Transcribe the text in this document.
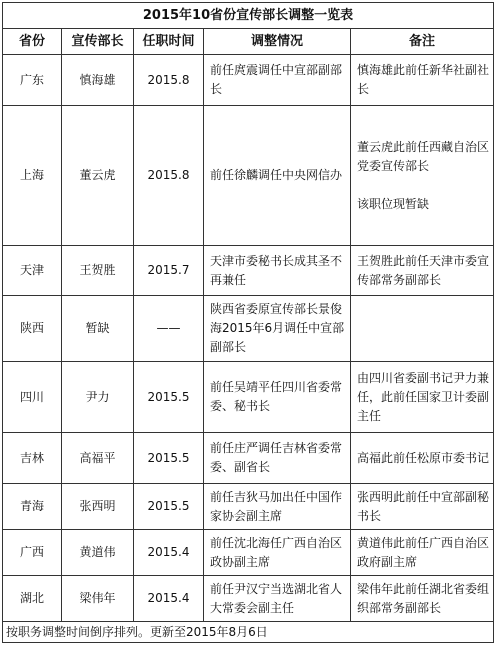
2015年10省份宣传部长调整一览表				
省份	宣传部长	任职时间	调整情况	备注
广东	慎海雄	2015.8	前任庹震调任中宣部副部长	慎海雄此前任新华社副社长
上海	董云虎	2015.8	前任徐麟调任中央网信办	董云虎此前任西藏自治区党委宣传部长
该职位现暂缺

天津	王贺胜	2015.7	天津市委秘书长成其圣不再兼任	王贺胜此前任天津市委宣传部常务副部长
陕西	暂缺	——	陕西省委原宣传部长景俊海2015年6月调任中宣部副部长	
四川	尹力	2015.5	前任吴靖平任四川省委常委、秘书长	由四川省委副书记尹力兼任，此前任国家卫计委副主任
吉林	高福平	2015.5	前任庄严调任吉林省委常委、副省长	高福此前任松原市委书记
青海	张西明	2015.5	前任吉狄马加出任中国作家协会副主席	张西明此前任中宣部副秘书长
广西	黄道伟	2015.4	前任沈北海任广西自治区政协副主席	黄道伟此前任广西自治区政府副主席
湖北	梁伟年	2015.4	前任尹汉宁当选湖北省人大常委会副主任	梁伟年此前任湖北省委组织部常务副部长
按职务调整时间倒序排列。更新至2015年8月6日				
